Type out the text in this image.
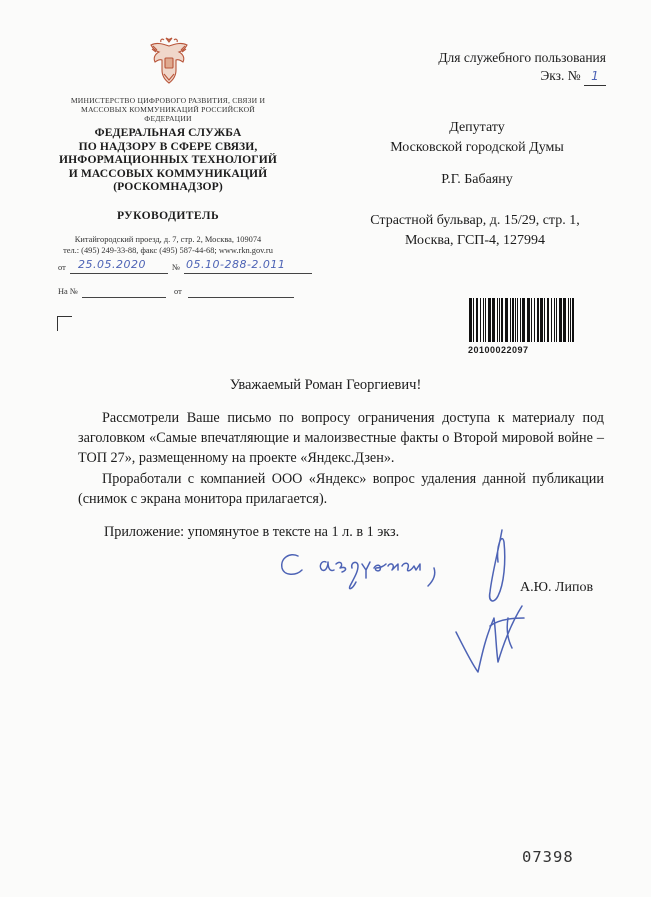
МИНИСТЕРСТВО ЦИФРОВОГО РАЗВИТИЯ, СВЯЗИ И МАССОВЫХ КОММУНИКАЦИЙ РОССИЙСКОЙ ФЕДЕРАЦИИ
ФЕДЕРАЛЬНАЯ СЛУЖБА
ПО НАДЗОРУ В СФЕРЕ СВЯЗИ,
ИНФОРМАЦИОННЫХ ТЕХНОЛОГИЙ
И МАССОВЫХ КОММУНИКАЦИЙ
(РОСКОМНАДЗОР)
РУКОВОДИТЕЛЬ
Китайгородский проезд, д. 7, стр. 2, Москва, 109074
тел.: (495) 249-33-88, факс (495) 587-44-68; www.rkn.gov.ru
от 25.05.2020	№ 05.10-288-2.011
На №	от
Для служебного пользования
Экз. № 1
Депутату
Московской городской Думы
Р.Г. Бабаяну
Страстной бульвар, д. 15/29, стр. 1,
Москва, ГСП-4, 127994
20100022097
Уважаемый Роман Георгиевич!
Рассмотрели Ваше письмо по вопросу ограничения доступа к материалу под заголовком «Самые впечатляющие и малоизвестные факты о Второй мировой войне – ТОП 27», размещенному на проекте «Яндекс.Дзен».
Проработали с компанией ООО «Яндекс» вопрос удаления данной публикации (снимок с экрана монитора прилагается).
Приложение: упомянутое в тексте на 1 л. в 1 экз.
А.Ю. Липов
07398
